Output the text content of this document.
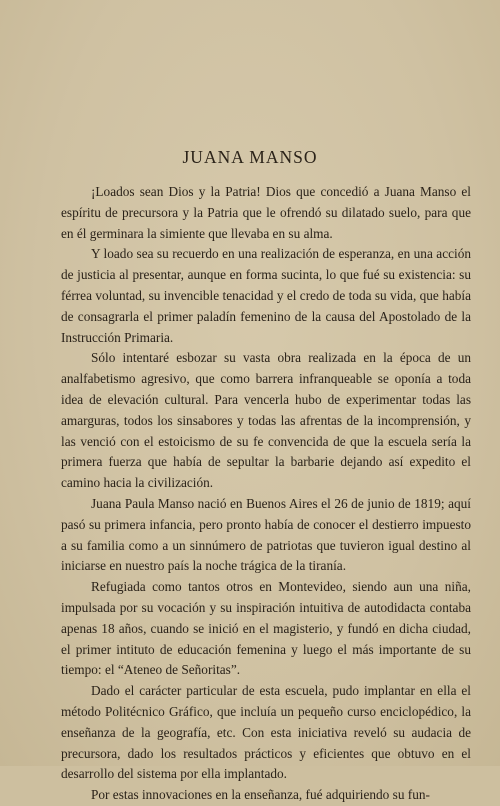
JUANA MANSO

¡Loados sean Dios y la Patria! Dios que concedió a Juana Manso el espíritu de precursora y la Patria que le ofrendó su dilatado suelo, para que en él germinara la simiente que llevaba en su alma.

Y loado sea su recuerdo en una realización de esperanza, en una acción de justicia al presentar, aunque en forma sucinta, lo que fué su existencia: su férrea voluntad, su invencible tenacidad y el credo de toda su vida, que había de consagrarla el primer paladín femenino de la causa del Apostolado de la Instrucción Primaria.

Sólo intentaré esbozar su vasta obra realizada en la época de un analfabetismo agresivo, que como barrera infranqueable se oponía a toda idea de elevación cultural. Para vencerla hubo de experimentar todas las amarguras, todos los sinsabores y todas las afrentas de la incomprensión, y las venció con el estoicismo de su fe convencida de que la escuela sería la primera fuerza que había de sepultar la barbarie dejando así expedito el camino hacia la civilización.

Juana Paula Manso nació en Buenos Aires el 26 de junio de 1819; aquí pasó su primera infancia, pero pronto había de conocer el destierro impuesto a su familia como a un sinnúmero de patriotas que tuvieron igual destino al iniciarse en nuestro país la noche trágica de la tiranía.

Refugiada como tantos otros en Montevideo, siendo aun una niña, impulsada por su vocación y su inspiración intuitiva de autodidacta contaba apenas 18 años, cuando se inició en el magisterio, y fundó en dicha ciudad, el primer intituto de educación femenina y luego el más importante de su tiempo: el “Ateneo de Señoritas”.

Dado el carácter particular de esta escuela, pudo implantar en ella el método Politécnico Gráfico, que incluía un pequeño curso enciclopédico, la enseñanza de la geografía, etc. Con esta iniciativa reveló su audacia de precursora, dado los resultados prácticos y eficientes que obtuvo en el desarrollo del sistema por ella implantado.

Por estas innovaciones en la enseñanza, fué adquiriendo su fun-
